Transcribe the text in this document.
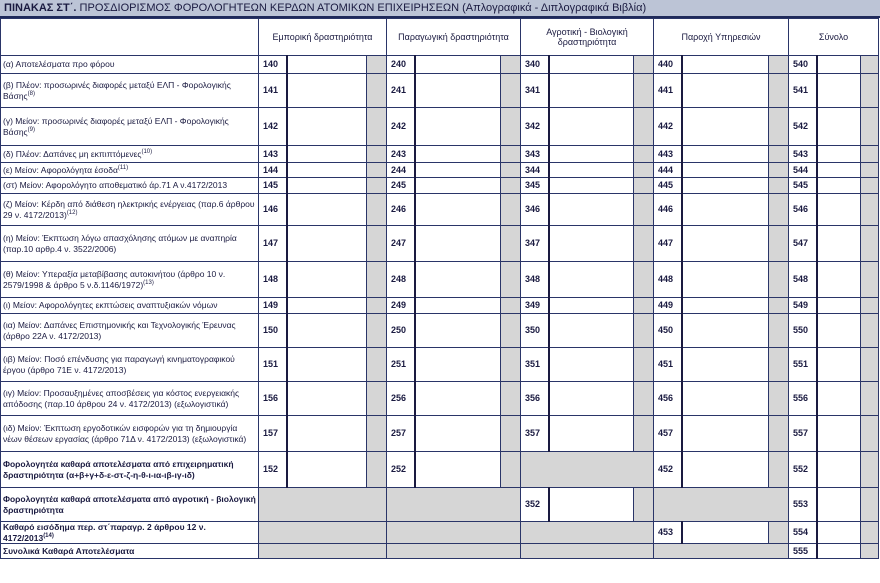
ΠΙΝΑΚΑΣ ΣΤ΄. ΠΡΟΣΔΙΟΡΙΣΜΟΣ ΦΟΡΟΛΟΓΗΤΕΩΝ ΚΕΡΔΩΝ ΑΤΟΜΙΚΩΝ ΕΠΙΧΕΙΡΗΣΕΩΝ (Απλογραφικά - Διπλογραφικά Βιβλία)
	Εμπορική δραστηριότητα			Παραγωγική δραστηριότητα			Αγροτική - Βιολογική δραστηριότητα			Παροχή Υπηρεσιών			Σύνολο		
(α) Αποτελέσματα προ φόρου	140			240			340			440			540		
(β) Πλέον: προσωρινές διαφορές μεταξύ ΕΛΠ - Φορολογικής Βάσης$^{(8)}$	141			241			341			441			541		
(γ) Μείον: προσωρινές διαφορές μεταξύ ΕΛΠ - Φορολογικής Βάσης$^{(9)}$	142			242			342			442			542		
(δ) Πλέον: Δαπάνες μη εκπιπτόμενες$^{(10)}$	143			243			343			443			543		
(ε) Μείον: Αφορολόγητα έσοδα$^{(11)}$	144			244			344			444			544		
(στ) Μείον: Αφορολόγητο αποθεματικό άρ.71 Α ν.4172/2013	145			245			345			445			545		
(ζ) Μείον: Κέρδη από διάθεση ηλεκτρικής ενέργειας (παρ.6 άρθρου 29 ν. 4172/2013)$^{(12)}$	146			246			346			446			546		
(η) Μείον: Έκπτωση λόγω απασχόλησης ατόμων με αναπηρία (παρ.10 αρθρ.4 ν. 3522/2006)	147			247			347			447			547		
(θ) Μείον: Υπεραξία μεταβίβασης αυτοκινήτου (άρθρο 10 ν. 2579/1998 & άρθρο 5 ν.δ.1146/1972)$^{(13)}$	148			248			348			448			548		
(ι) Μείον: Αφορολόγητες εκπτώσεις αναπτυξιακών νόμων	149			249			349			449			549		
(ια) Μείον: Δαπάνες Επιστημονικής και Τεχνολογικής Έρευνας (άρθρο 22Α ν. 4172/2013)	150			250			350			450			550		
(ιβ) Μείον: Ποσό επένδυσης για παραγωγή κινηματογραφικού έργου (άρθρο 71Ε ν. 4172/2013)	151			251			351			451			551		
(ιγ) Μείον: Προσαυξημένες αποσβέσεις για κόστος ενεργειακής απόδοσης (παρ.10 άρθρου 24 ν. 4172/2013) (εξωλογιστικά)	156			256			356			456			556		
(ιδ) Μείον: Έκπτωση εργοδοτικών εισφορών για τη δημιουργία νέων θέσεων εργασίας (άρθρο 71Δ ν. 4172/2013) (εξωλογιστικά)	157			257			357			457			557		
Φορολογητέα καθαρά αποτελέσματα από επιχειρηματική δραστηριότητα (α+β+γ+δ-ε-στ-ζ-η-θ-ι-ια-ιβ-ιγ-ιδ)	152			252						452			552		
Φορολογητέα καθαρά αποτελέσματα από αγροτική - βιολογική δραστηριότητα							352						553		
Καθαρό εισόδημα περ. στ΄παραγρ. 2 άρθρου 12 ν. 4172/2013$^{(14)}$										453			554		
Συνολικά Καθαρά Αποτελέσματα													555		
